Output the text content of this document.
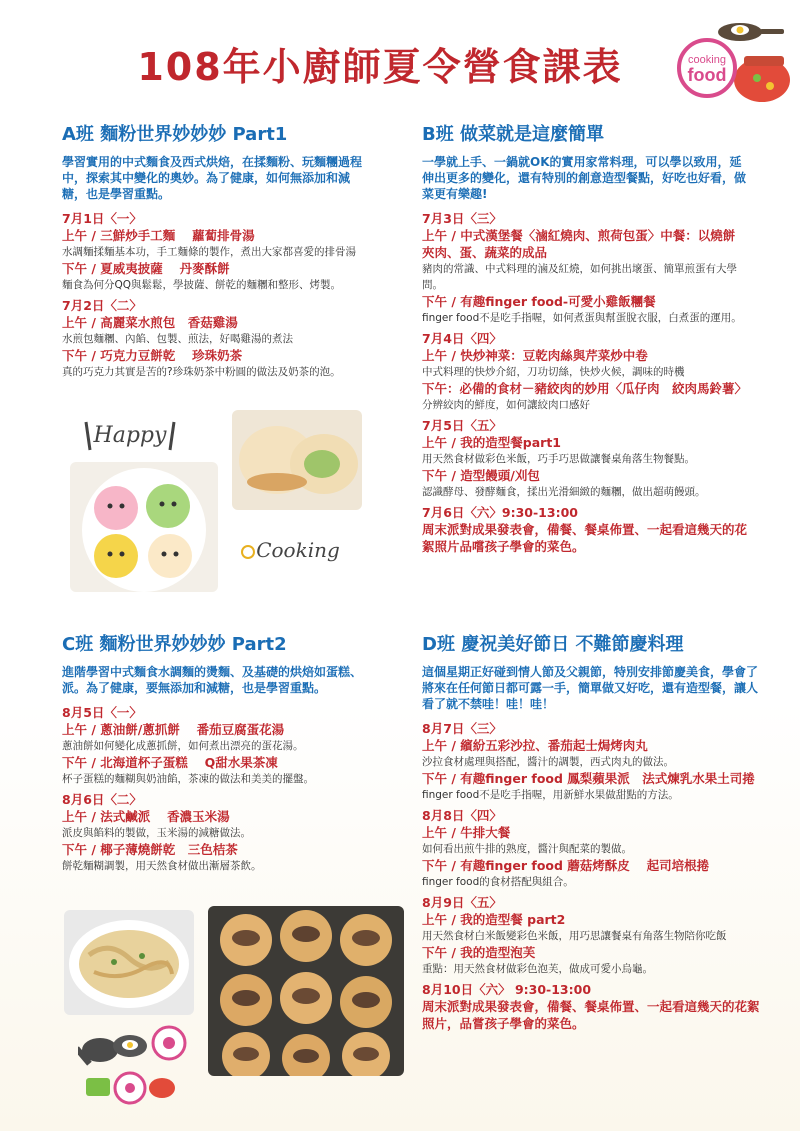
108年小廚師夏令營食課表	cooking
food
A班 麵粉世界妙妙妙 Part1
學習實用的中式麵食及西式烘焙，在揉麵粉、玩麵糰過程中，探索其中變化的奧妙。為了健康，如何無添加和減糖，也是學習重點。
7月1日〈一〉
上午 / 三鮮炒手工麵　 蘿蔔排骨湯
水調麵揉麵基本功，手工麵條的製作，煮出大家都喜愛的排骨湯
下午 / 夏威夷披薩　 丹麥酥餅
麵食為何分QQ與鬆鬆，學披薩、餅乾的麵糰和整形、烤製。
7月2日〈二〉
上午 / 高麗菜水煎包　香菇雞湯
水煎包麵糰、內餡、包製、煎法，好喝雞湯的煮法
下午 / 巧克力豆餅乾　 珍珠奶茶
真的巧克力其實是苦的?珍珠奶茶中粉圓的做法及奶茶的泡。
B班 做菜就是這麼簡單
一學就上手、一鍋就OK的實用家常料理，可以學以致用，延伸出更多的變化，還有特別的創意造型餐點，好吃也好看，做菜更有樂趣!
7月3日〈三〉
上午 / 中式漢堡餐〈滷紅燒肉、煎荷包蛋〉中餐：以燒餅夾肉、蛋、蔬菜的成品
豬肉的常識、中式料理的滷及紅燒，如何挑出壞蛋、簡單煎蛋有大學問。
下午 / 有趣finger food-可愛小雞飯糰餐
finger food不是吃手指喔，如何煮蛋與幫蛋脫衣服，白煮蛋的運用。
7月4日〈四〉
上午 / 快炒神菜：豆乾肉絲與芹菜炒中卷
中式料理的快炒介紹，刀功切絲，快炒火候，調味的時機
下午：必備的食材－豬絞肉的妙用〈瓜仔肉　絞肉馬鈴薯〉
分辨絞肉的鮮度，如何讓絞肉口感好
7月5日〈五〉
上午 / 我的造型餐part1
用天然食材做彩色米飯，巧手巧思做讓餐桌角落生物餐點。
下午 / 造型饅頭/刈包
認識酵母、發酵麵食，揉出光滑細緻的麵糰，做出超萌饅頭。
7月6日〈六〉9:30-13:00
周末派對成果發表會，備餐、餐桌佈置、一起看這幾天的花絮照片品嚐孩子學會的菜色。
C班 麵粉世界妙妙妙 Part2
進階學習中式麵食水調麵的燙麵、及基礎的烘焙如蛋糕、派。為了健康，要無添加和減糖，也是學習重點。
8月5日〈一〉
上午 / 蔥油餅/蔥抓餅　 番茄豆腐蛋花湯
蔥油餅如何變化成蔥抓餅，如何煮出漂亮的蛋花湯。
下午 / 北海道杯子蛋糕　 Q甜水果茶凍
杯子蛋糕的麵糊與奶油餡，茶凍的做法和美美的擺盤。
8月6日〈二〉
上午 / 法式鹹派　 香濃玉米湯
派皮與餡料的製做，玉米湯的減糖做法。
下午 / 椰子薄燒餅乾　三色桔茶
餅乾麵糊調製，用天然食材做出漸層茶飲。
D班 慶祝美好節日 不難節慶料理
這個星期正好碰到情人節及父親節，特別安排節慶美食，學會了將來在任何節日都可露一手，簡單做又好吃，還有造型餐，讓人看了就不禁哇！哇！哇！
8月7日〈三〉
上午 / 繽紛五彩沙拉、番茄起士焗烤肉丸
沙拉食材處理與搭配，醬汁的調製，西式肉丸的做法。
下午 / 有趣finger food 鳳梨蘋果派　法式煉乳水果土司捲
finger food不是吃手指喔，用新鮮水果做甜點的方法。
8月8日〈四〉
上午 / 牛排大餐
如何看出煎牛排的熟度，醬汁與配菜的製做。
下午 / 有趣finger food 蘑菇烤酥皮　 起司培根捲
finger food的食材搭配與組合。
8月9日〈五〉
上午 / 我的造型餐 part2
用天然食材白米飯變彩色米飯，用巧思讓餐桌有角落生物陪你吃飯
下午 / 我的造型泡芙
重點：用天然食材做彩色泡芙，做成可愛小烏龜。
8月10日〈六〉 9:30-13:00
周末派對成果發表會，備餐、餐桌佈置、一起看這幾天的花絮照片，品嘗孩子學會的菜色。
Happy
Cooking
